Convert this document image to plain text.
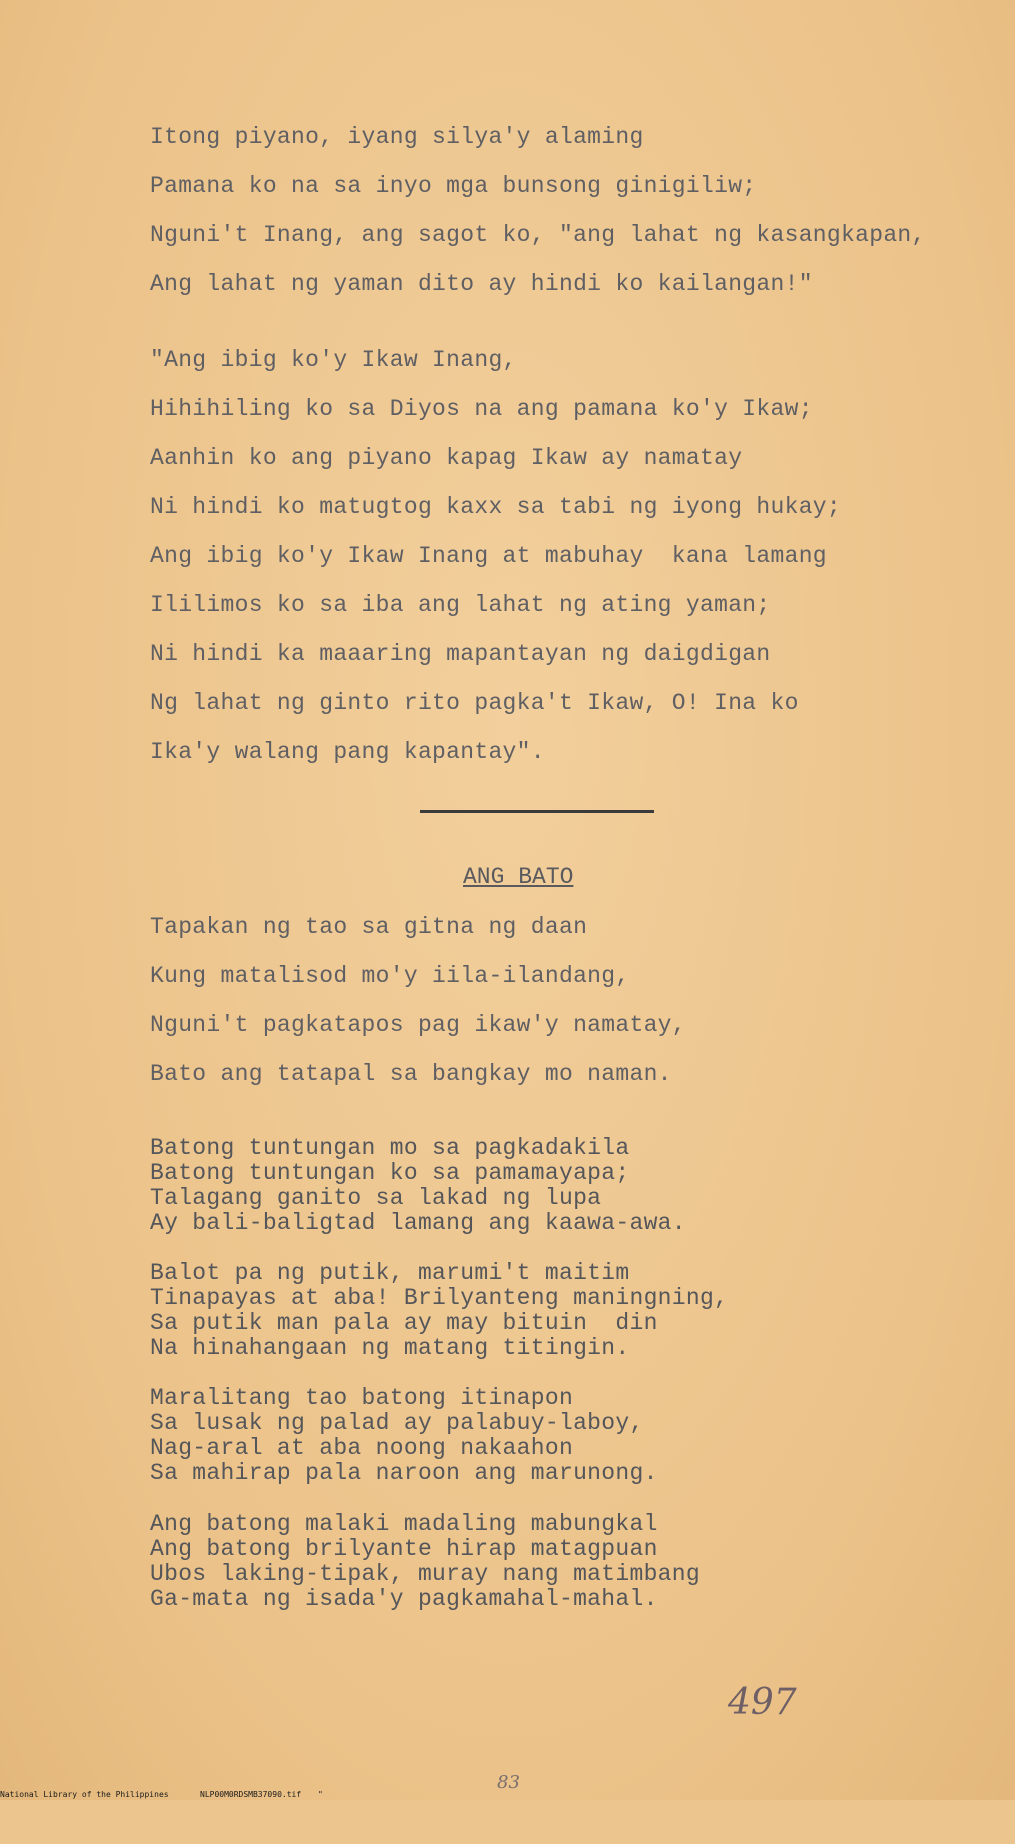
Itong piyano, iyang silya'y alaming
Pamana ko na sa inyo mga bunsong ginigiliw;
Nguni't Inang, ang sagot ko, "ang lahat ng kasangkapan,
Ang lahat ng yaman dito ay hindi ko kailangan!"
"Ang ibig ko'y Ikaw Inang,
Hihihiling ko sa Diyos na ang pamana ko'y Ikaw;
Aanhin ko ang piyano kapag Ikaw ay namatay
Ni hindi ko matugtog kaxx sa tabi ng iyong hukay;
Ang ibig ko'y Ikaw Inang at mabuhay  kana lamang
Ililimos ko sa iba ang lahat ng ating yaman;
Ni hindi ka maaaring mapantayan ng daigdigan
Ng lahat ng ginto rito pagka't Ikaw, O! Ina ko
Ika'y walang pang kapantay".
ANG BATO
Tapakan ng tao sa gitna ng daan
Kung matalisod mo'y iila-ilandang,
Nguni't pagkatapos pag ikaw'y namatay,
Bato ang tatapal sa bangkay mo naman.
Batong tuntungan mo sa pagkadakila
Batong tuntungan ko sa pamamayapa;
Talagang ganito sa lakad ng lupa
Ay bali-baligtad lamang ang kaawa-awa.
Balot pa ng putik, marumi't maitim
Tinapayas at aba! Brilyanteng maningning,
Sa putik man pala ay may bituin  din
Na hinahangaan ng matang titingin.
Maralitang tao batong itinapon
Sa lusak ng palad ay palabuy-laboy,
Nag-aral at aba noong nakaahon
Sa mahirap pala naroon ang marunong.
Ang batong malaki madaling mabungkal
Ang batong brilyante hirap matagpuan
Ubos laking-tipak, muray nang matimbang
Ga-mata ng isada'y pagkamahal-mahal.
497
83

National Library of the Philippines

	NLP00M0RDSMB37090.tif

"
